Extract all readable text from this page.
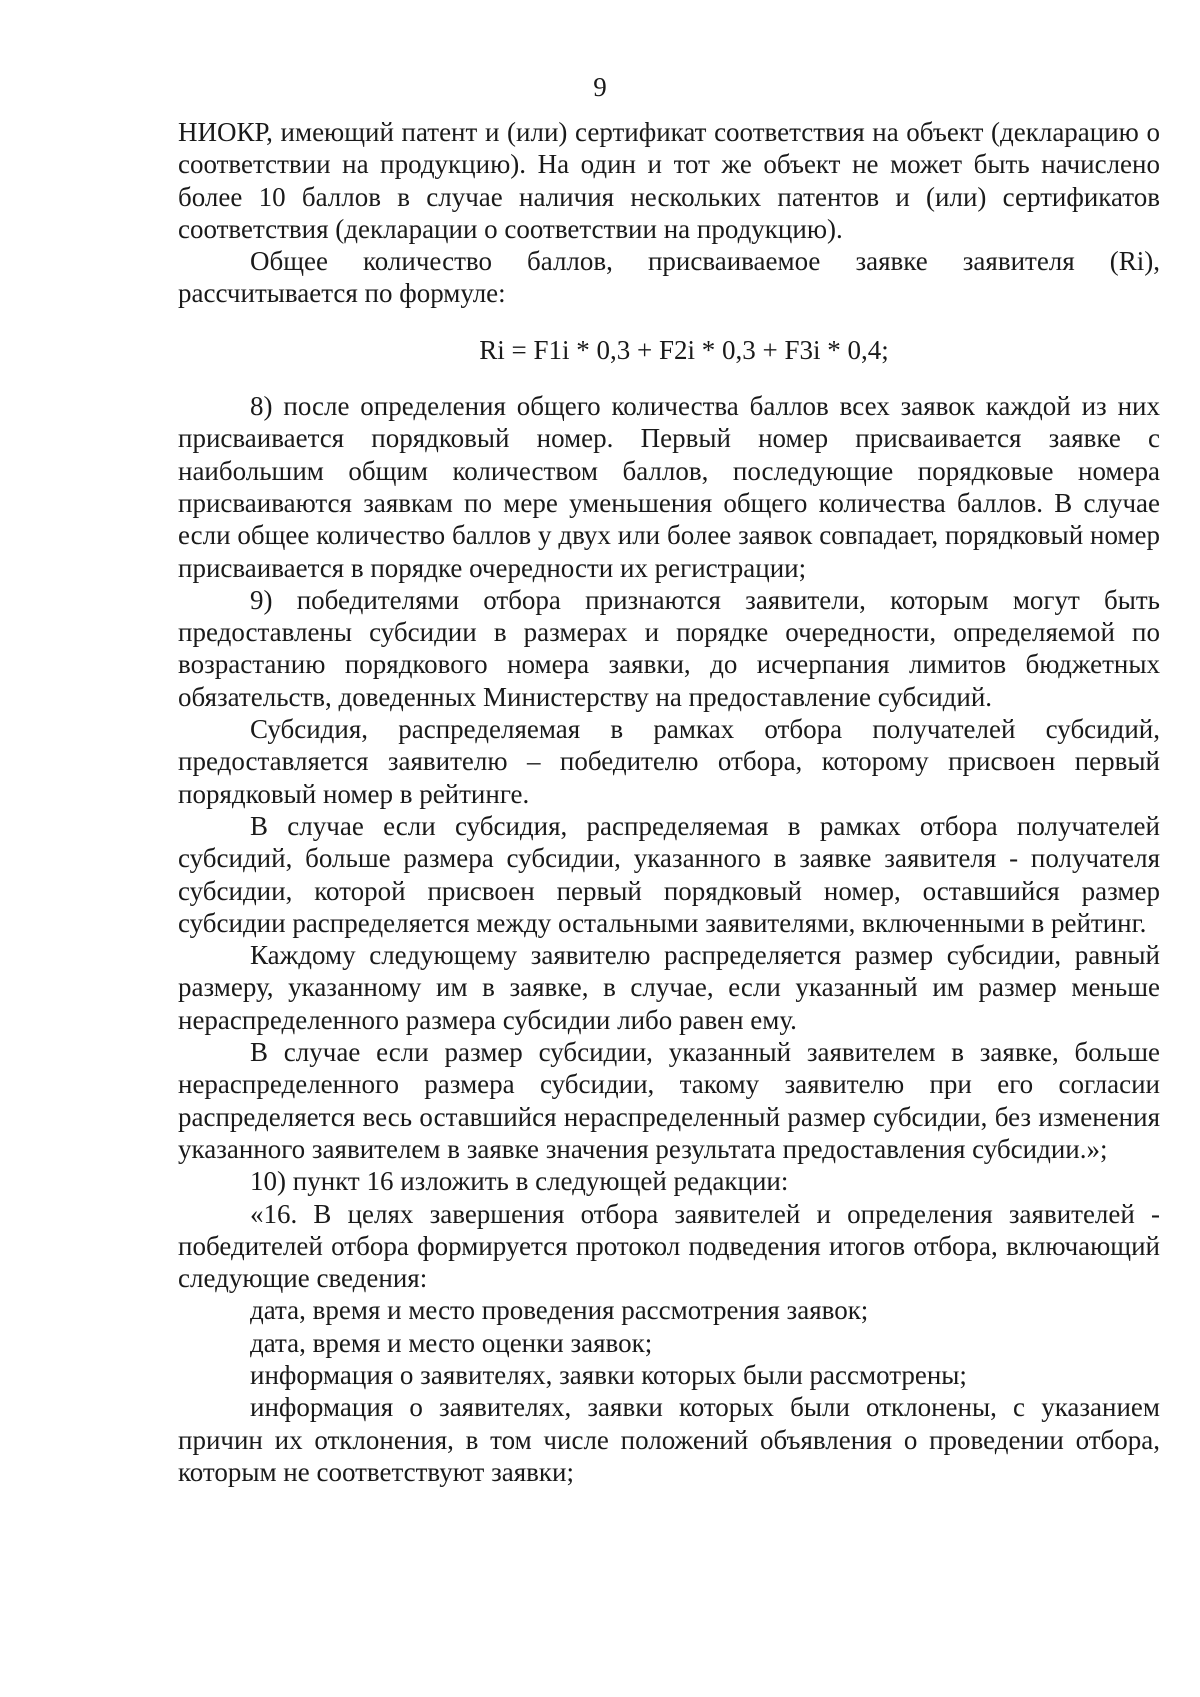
9

НИОКР, имеющий патент и (или) сертификат соответствия на объект (декларацию о соответствии на продукцию). На один и тот же объект не может быть начислено более 10 баллов в случае наличия нескольких патентов и (или) сертификатов соответствия (декларации о соответствии на продукцию).

Общее количество баллов, присваиваемое заявке заявителя (Ri), рассчитывается по формуле:

Ri = F1i * 0,3 + F2i * 0,3 + F3i * 0,4;

8) после определения общего количества баллов всех заявок каждой из них присваивается порядковый номер. Первый номер присваивается заявке с наибольшим общим количеством баллов, последующие порядковые номера присваиваются заявкам по мере уменьшения общего количества баллов. В случае если общее количество баллов у двух или более заявок совпадает, порядковый номер присваивается в порядке очередности их регистрации;

9) победителями отбора признаются заявители, которым могут быть предоставлены субсидии в размерах и порядке очередности, определяемой по возрастанию порядкового номера заявки, до исчерпания лимитов бюджетных обязательств, доведенных Министерству на предоставление субсидий.

Субсидия, распределяемая в рамках отбора получателей субсидий, предоставляется заявителю – победителю отбора, которому присвоен первый порядковый номер в рейтинге.

В случае если субсидия, распределяемая в рамках отбора получателей субсидий, больше размера субсидии, указанного в заявке заявителя - получателя субсидии, которой присвоен первый порядковый номер, оставшийся размер субсидии распределяется между остальными заявителями, включенными в рейтинг.

Каждому следующему заявителю распределяется размер субсидии, равный размеру, указанному им в заявке, в случае, если указанный им размер меньше нераспределенного размера субсидии либо равен ему.

В случае если размер субсидии, указанный заявителем в заявке, больше нераспределенного размера субсидии, такому заявителю при его согласии распределяется весь оставшийся нераспределенный размер субсидии, без изменения указанного заявителем в заявке значения результата предоставления субсидии.»;

10) пункт 16 изложить в следующей редакции:

«16. В целях завершения отбора заявителей и определения заявителей - победителей отбора формируется протокол подведения итогов отбора, включающий следующие сведения:

дата, время и место проведения рассмотрения заявок;

дата, время и место оценки заявок;

информация о заявителях, заявки которых были рассмотрены;

информация о заявителях, заявки которых были отклонены, с указанием причин их отклонения, в том числе положений объявления о проведении отбора, которым не соответствуют заявки;
